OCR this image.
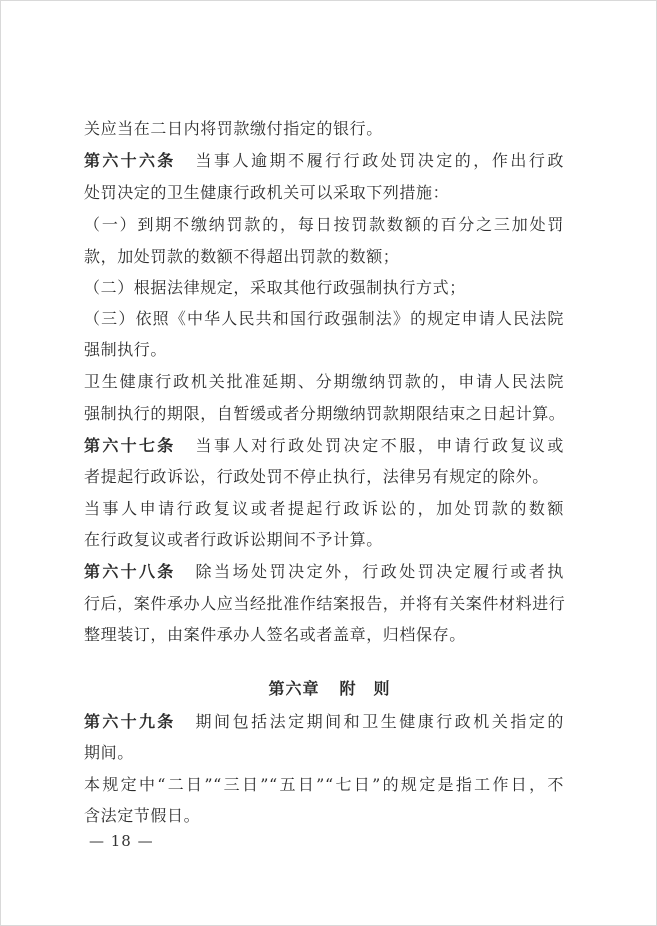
关应当在二日内将罚款缴付指定的银行。
第六十六条 当事人逾期不履行行政处罚决定的，作出行政
处罚决定的卫生健康行政机关可以采取下列措施：
（一）到期不缴纳罚款的，每日按罚款数额的百分之三加处罚
款，加处罚款的数额不得超出罚款的数额；
（二）根据法律规定，采取其他行政强制执行方式；
（三）依照《中华人民共和国行政强制法》的规定申请人民法院
强制执行。
卫生健康行政机关批准延期、分期缴纳罚款的，申请人民法院
强制执行的期限，自暂缓或者分期缴纳罚款期限结束之日起计算。
第六十七条 当事人对行政处罚决定不服，申请行政复议或
者提起行政诉讼，行政处罚不停止执行，法律另有规定的除外。
当事人申请行政复议或者提起行政诉讼的，加处罚款的数额
在行政复议或者行政诉讼期间不予计算。
第六十八条 除当场处罚决定外，行政处罚决定履行或者执
行后，案件承办人应当经批准作结案报告，并将有关案件材料进行
整理装订，由案件承办人签名或者盖章，归档保存。
第六章 附　则
第六十九条 期间包括法定期间和卫生健康行政机关指定的
期间。
本规定中“二日”“三日”“五日”“七日”的规定是指工作日，不
含法定节假日。
— 18 —
